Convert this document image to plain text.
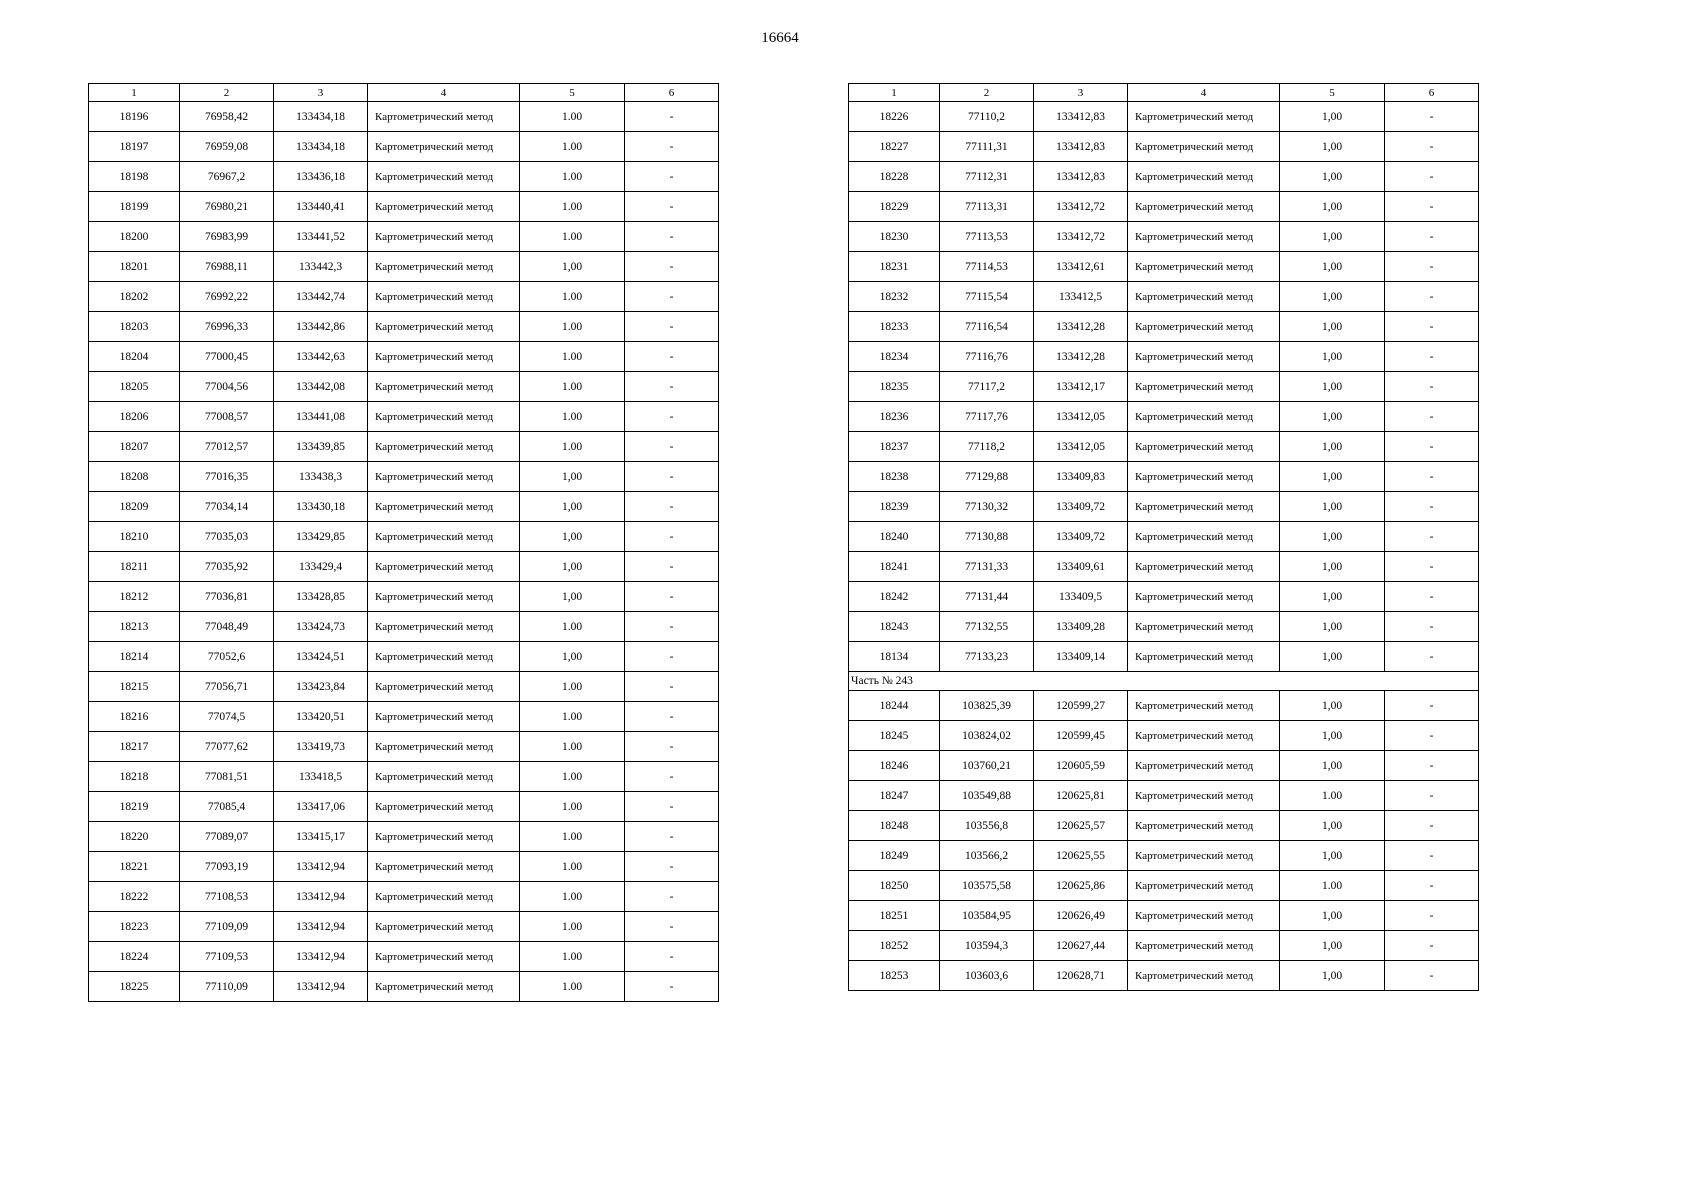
16664
1	2	3	4	5	6
18196	76958,42	133434,18	Картометрический метод	1.00	-
18197	76959,08	133434,18	Картометрический метод	1.00	-
18198	76967,2	133436,18	Картометрический метод	1.00	-
18199	76980,21	133440,41	Картометрический метод	1.00	-
18200	76983,99	133441,52	Картометрический метод	1.00	-
18201	76988,11	133442,3	Картометрический метод	1,00	-
18202	76992,22	133442,74	Картометрический метод	1.00	-
18203	76996,33	133442,86	Картометрический метод	1.00	-
18204	77000,45	133442,63	Картометрический метод	1.00	-
18205	77004,56	133442,08	Картометрический метод	1.00	-
18206	77008,57	133441,08	Картометрический метод	1.00	-
18207	77012,57	133439,85	Картометрический метод	1.00	-
18208	77016,35	133438,3	Картометрический метод	1,00	-
18209	77034,14	133430,18	Картометрический метод	1,00	-
18210	77035,03	133429,85	Картометрический метод	1,00	-
18211	77035,92	133429,4	Картометрический метод	1,00	-
18212	77036,81	133428,85	Картометрический метод	1,00	-
18213	77048,49	133424,73	Картометрический метод	1.00	-
18214	77052,6	133424,51	Картометрический метод	1,00	-
18215	77056,71	133423,84	Картометрический метод	1.00	-
18216	77074,5	133420,51	Картометрический метод	1.00	-
18217	77077,62	133419,73	Картометрический метод	1.00	-
18218	77081,51	133418,5	Картометрический метод	1.00	-
18219	77085,4	133417,06	Картометрический метод	1.00	-
18220	77089,07	133415,17	Картометрический метод	1.00	-
18221	77093,19	133412,94	Картометрический метод	1.00	-
18222	77108,53	133412,94	Картометрический метод	1.00	-
18223	77109,09	133412,94	Картометрический метод	1.00	-
18224	77109,53	133412,94	Картометрический метод	1.00	-
18225	77110,09	133412,94	Картометрический метод	1.00	-
1	2	3	4	5	6
18226	77110,2	133412,83	Картометрический метод	1,00	-
18227	77111,31	133412,83	Картометрический метод	1,00	-
18228	77112,31	133412,83	Картометрический метод	1,00	-
18229	77113,31	133412,72	Картометрический метод	1,00	-
18230	77113,53	133412,72	Картометрический метод	1,00	-
18231	77114,53	133412,61	Картометрический метод	1,00	-
18232	77115,54	133412,5	Картометрический метод	1,00	-
18233	77116,54	133412,28	Картометрический метод	1,00	-
18234	77116,76	133412,28	Картометрический метод	1,00	-
18235	77117,2	133412,17	Картометрический метод	1,00	-
18236	77117,76	133412,05	Картометрический метод	1,00	-
18237	77118,2	133412,05	Картометрический метод	1,00	-
18238	77129,88	133409,83	Картометрический метод	1,00	-
18239	77130,32	133409,72	Картометрический метод	1,00	-
18240	77130,88	133409,72	Картометрический метод	1,00	-
18241	77131,33	133409,61	Картометрический метод	1,00	-
18242	77131,44	133409,5	Картометрический метод	1,00	-
18243	77132,55	133409,28	Картометрический метод	1,00	-
18134	77133,23	133409,14	Картометрический метод	1,00	-
Часть № 243					
18244	103825,39	120599,27	Картометрический метод	1,00	-
18245	103824,02	120599,45	Картометрический метод	1,00	-
18246	103760,21	120605,59	Картометрический метод	1,00	-
18247	103549,88	120625,81	Картометрический метод	1.00	-
18248	103556,8	120625,57	Картометрический метод	1,00	-
18249	103566,2	120625,55	Картометрический метод	1,00	-
18250	103575,58	120625,86	Картометрический метод	1.00	-
18251	103584,95	120626,49	Картометрический метод	1,00	-
18252	103594,3	120627,44	Картометрический метод	1,00	-
18253	103603,6	120628,71	Картометрический метод	1,00	-
